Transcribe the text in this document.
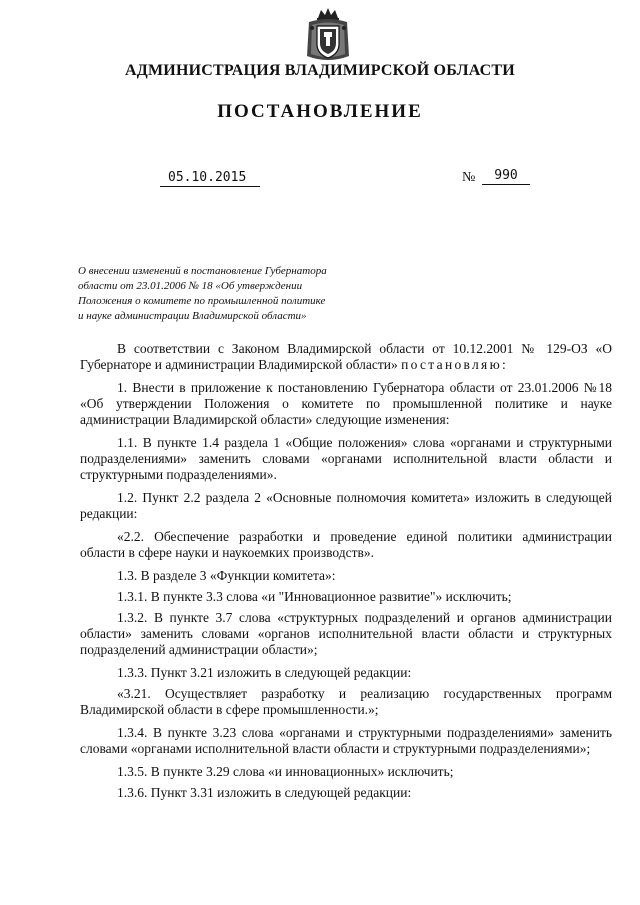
АДМИНИСТРАЦИЯ ВЛАДИМИРСКОЙ ОБЛАСТИ
ПОСТАНОВЛЕНИЕ
05.10.2015	№	990
О внесении изменений в постановление Губернатора
области от 23.01.2006 № 18 «Об утверждении
Положения о комитете по промышленной политике
и науке администрации Владимирской области»

В соответствии с Законом Владимирской области от 10.12.2001 № 129-ОЗ «О Губернаторе и администрации Владимирской области» постановляю:

1. Внести в приложение к постановлению Губернатора области от 23.01.2006 №18 «Об утверждении Положения о комитете по промышленной политике и науке администрации Владимирской области» следующие изменения:

1.1. В пункте 1.4 раздела 1 «Общие положения» слова «органами и структурными подразделениями» заменить словами «органами исполнительной власти области и структурными подразделениями».

1.2. Пункт 2.2 раздела 2 «Основные полномочия комитета» изложить в следующей редакции:

«2.2. Обеспечение разработки и проведение единой политики администрации области в сфере науки и наукоемких производств».

1.3. В разделе 3 «Функции комитета»:

1.3.1. В пункте 3.3 слова «и "Инновационное развитие"» исключить;

1.3.2. В пункте 3.7 слова «структурных подразделений и органов администрации области» заменить словами «органов исполнительной власти области и структурных подразделений администрации области»;

1.3.3. Пункт 3.21 изложить в следующей редакции:

«3.21. Осуществляет разработку и реализацию государственных программ Владимирской области в сфере промышленности.»;

1.3.4. В пункте 3.23 слова «органами и структурными подразделениями» заменить словами «органами исполнительной власти области и структурными подразделениями»;

1.3.5. В пункте 3.29 слова «и инновационных» исключить;

1.3.6. Пункт 3.31 изложить в следующей редакции:
